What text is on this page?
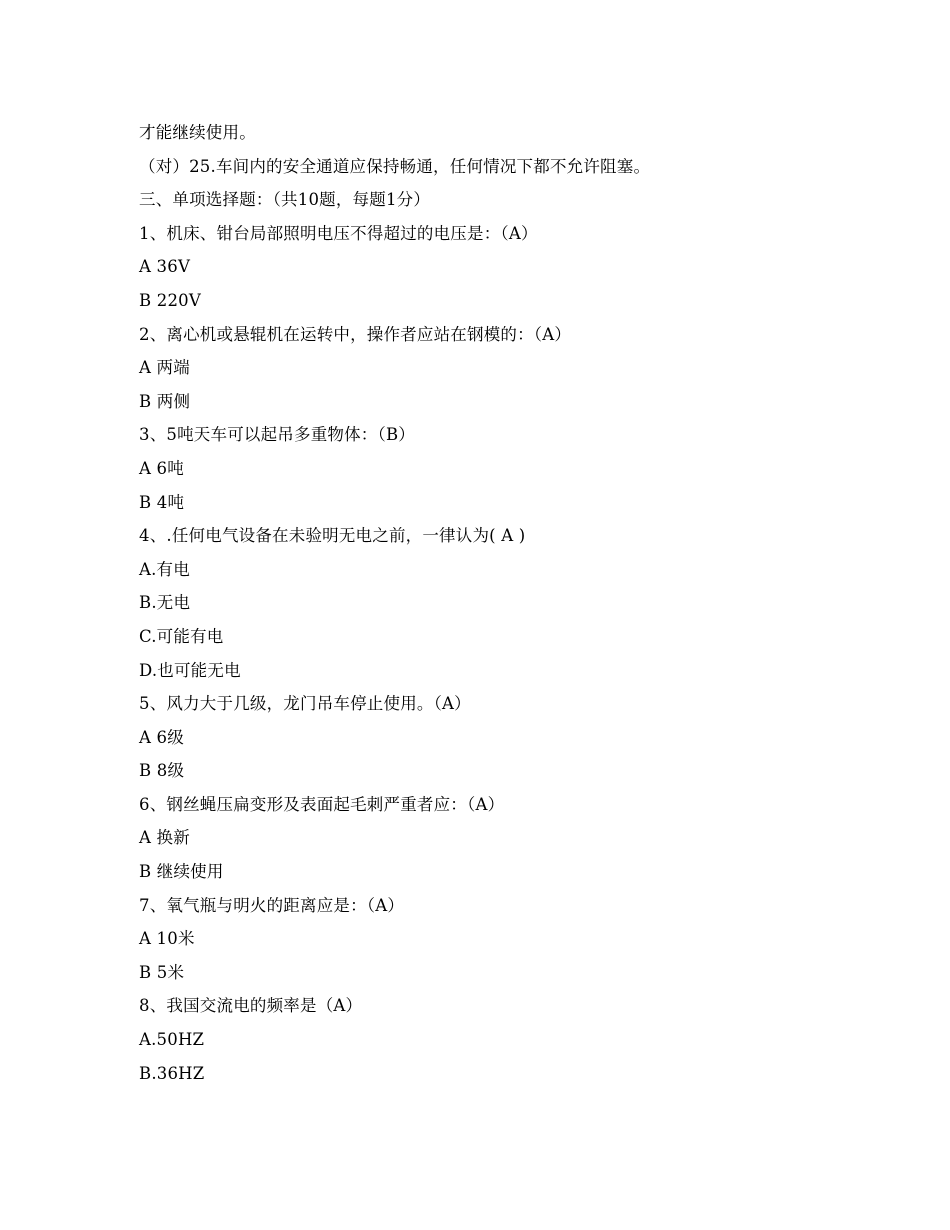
才能继续使用。
（对）25.车间内的安全通道应保持畅通，任何情况下都不允许阻塞。
三、单项选择题：（共10题，每题1分）
1、机床、钳台局部照明电压不得超过的电压是：（A）
A 36V
B 220V
2、离心机或悬辊机在运转中，操作者应站在钢模的：（A）
A 两端
B 两侧
3、5吨天车可以起吊多重物体：（B）
A 6吨
B 4吨
4、.任何电气设备在未验明无电之前，一律认为( A )
A.有电
B.无电
C.可能有电
D.也可能无电
5、风力大于几级，龙门吊车停止使用。（A）
A 6级
B 8级
6、钢丝蝇压扁变形及表面起毛刺严重者应：（A）
A 换新
B 继续使用
7、氧气瓶与明火的距离应是：（A）
A 10米
B 5米
8、我国交流电的频率是（A）
A.50HZ
B.36HZ
